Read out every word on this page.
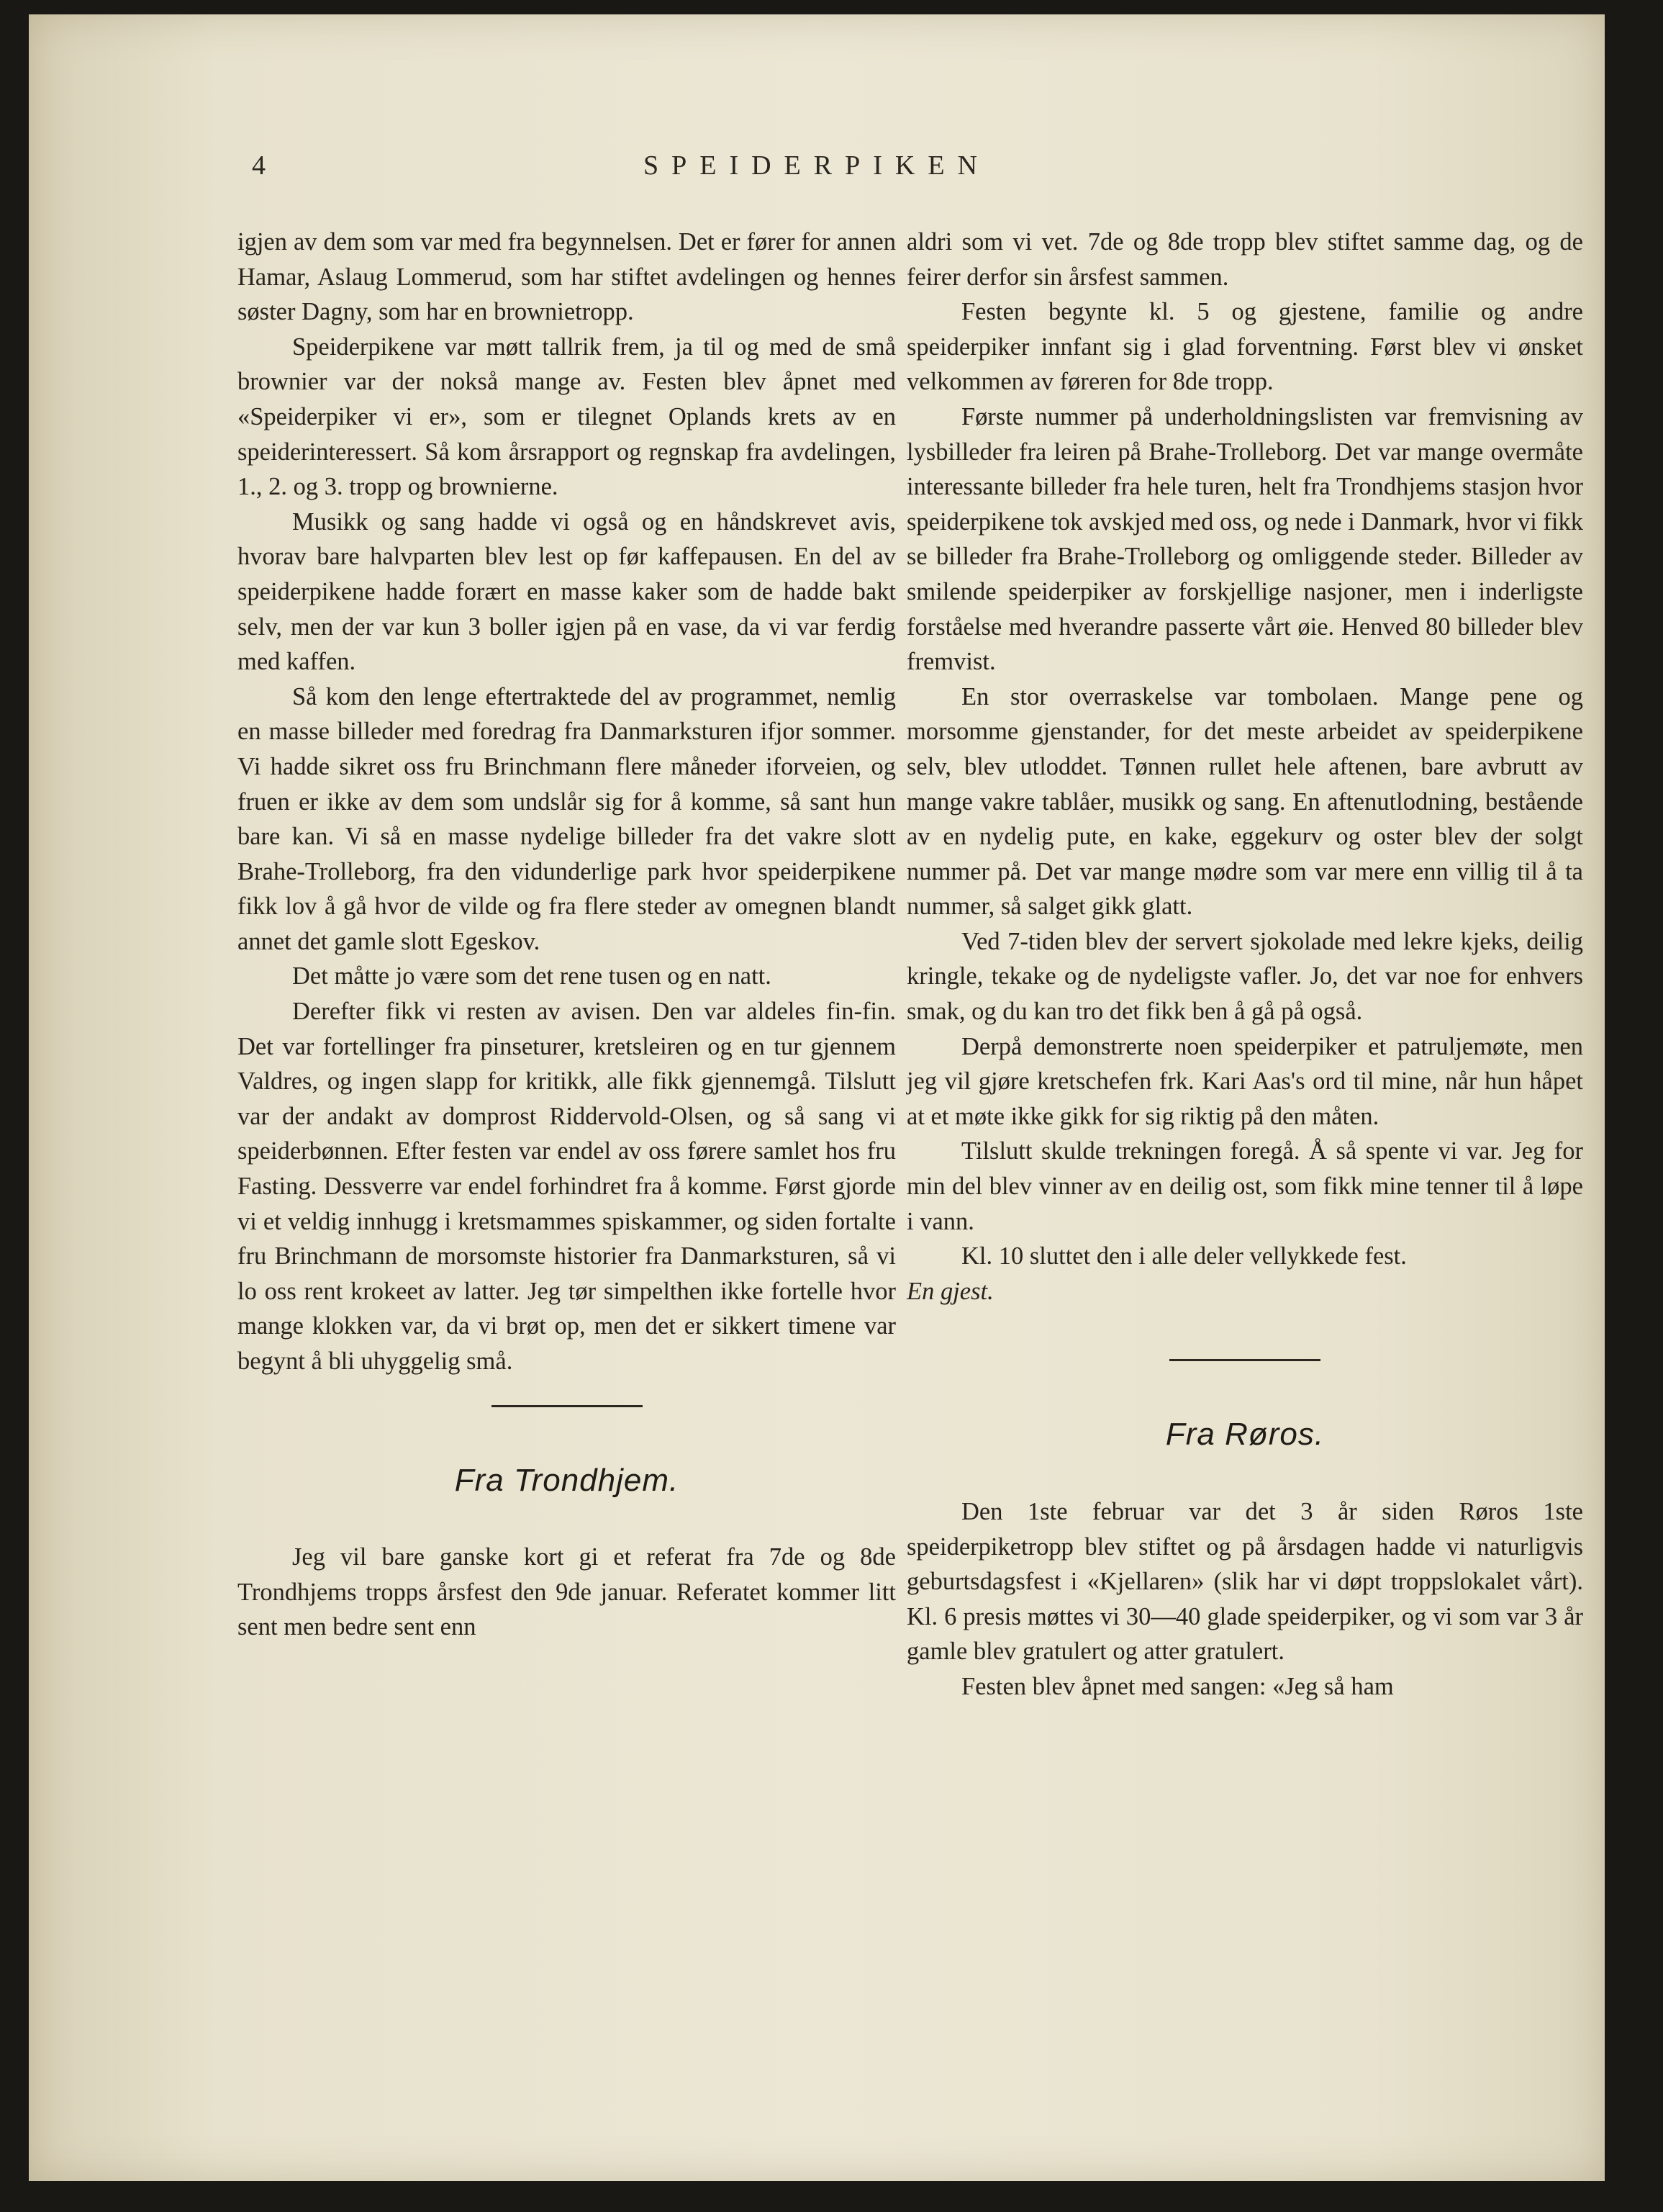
4	SPEIDERPIKEN

igjen av dem som var med fra begynnelsen. Det er fører for annen Hamar, Aslaug Lommerud, som har stiftet avdelingen og hennes søster Dagny, som har en brownietropp.

Speiderpikene var møtt tallrik frem, ja til og med de små brownier var der nokså mange av. Festen blev åpnet med «Speiderpiker vi er», som er tilegnet Oplands krets av en speiderinteressert. Så kom årsrapport og regnskap fra avdelingen, 1., 2. og 3. tropp og brownierne.

Musikk og sang hadde vi også og en håndskrevet avis, hvorav bare halvparten blev lest op før kaffepausen. En del av speiderpikene hadde forært en masse kaker som de hadde bakt selv, men der var kun 3 boller igjen på en vase, da vi var ferdig med kaffen.

Så kom den lenge eftertraktede del av programmet, nemlig en masse billeder med foredrag fra Danmarksturen ifjor sommer. Vi hadde sikret oss fru Brinchmann flere måneder iforveien, og fruen er ikke av dem som undslår sig for å komme, så sant hun bare kan. Vi så en masse nydelige billeder fra det vakre slott Brahe-Trolleborg, fra den vidunderlige park hvor speiderpikene fikk lov å gå hvor de vilde og fra flere steder av omegnen blandt annet det gamle slott Egeskov.

Det måtte jo være som det rene tusen og en natt.

Derefter fikk vi resten av avisen. Den var aldeles fin-fin. Det var fortellinger fra pinseturer, kretsleiren og en tur gjennem Valdres, og ingen slapp for kritikk, alle fikk gjennemgå. Tilslutt var der andakt av domprost Riddervold-Olsen, og så sang vi speiderbønnen. Efter festen var endel av oss førere samlet hos fru Fasting. Dessverre var endel forhindret fra å komme. Først gjorde vi et veldig innhugg i kretsmammes spiskammer, og siden fortalte fru Brinchmann de morsomste historier fra Danmarksturen, så vi lo oss rent krokeet av latter. Jeg tør simpelthen ikke fortelle hvor mange klokken var, da vi brøt op, men det er sikkert timene var begynt å bli uhyggelig små.

Fra Trondhjem.

Jeg vil bare ganske kort gi et referat fra 7de og 8de Trondhjems tropps årsfest den 9de januar. Referatet kommer litt sent men bedre sent enn

aldri som vi vet. 7de og 8de tropp blev stiftet samme dag, og de feirer derfor sin årsfest sammen.

Festen begynte kl. 5 og gjestene, familie og andre speiderpiker innfant sig i glad forventning. Først blev vi ønsket velkommen av føreren for 8de tropp.

Første nummer på underholdningslisten var fremvisning av lysbilleder fra leiren på Brahe-Trolleborg. Det var mange overmåte interessante billeder fra hele turen, helt fra Trondhjems stasjon hvor speiderpikene tok avskjed med oss, og nede i Danmark, hvor vi fikk se billeder fra Brahe-Trolleborg og omliggende steder. Billeder av smilende speiderpiker av forskjellige nasjoner, men i inderligste forståelse med hverandre passerte vårt øie. Henved 80 billeder blev fremvist.

En stor overraskelse var tombolaen. Mange pene og morsomme gjenstander, for det meste arbeidet av speiderpikene selv, blev utloddet. Tønnen rullet hele aftenen, bare avbrutt av mange vakre tablåer, musikk og sang. En aftenutlodning, bestående av en nydelig pute, en kake, eggekurv og oster blev der solgt nummer på. Det var mange mødre som var mere enn villig til å ta nummer, så salget gikk glatt.

Ved 7-tiden blev der servert sjokolade med lekre kjeks, deilig kringle, tekake og de nydeligste vafler. Jo, det var noe for enhvers smak, og du kan tro det fikk ben å gå på også.

Derpå demonstrerte noen speiderpiker et patruljemøte, men jeg vil gjøre kretschefen frk. Kari Aas's ord til mine, når hun håpet at et møte ikke gikk for sig riktig på den måten.

Tilslutt skulde trekningen foregå. Å så spente vi var. Jeg for min del blev vinner av en deilig ost, som fikk mine tenner til å løpe i vann.

Kl. 10 sluttet den i alle deler vellykkede fest.

En gjest.

Fra Røros.

Den 1ste februar var det 3 år siden Røros 1ste speiderpiketropp blev stiftet og på årsdagen hadde vi naturligvis geburtsdagsfest i «Kjellaren» (slik har vi døpt troppslokalet vårt). Kl. 6 presis møttes vi 30—40 glade speiderpiker, og vi som var 3 år gamle blev gratulert og atter gratulert.

Festen blev åpnet med sangen: «Jeg så ham
